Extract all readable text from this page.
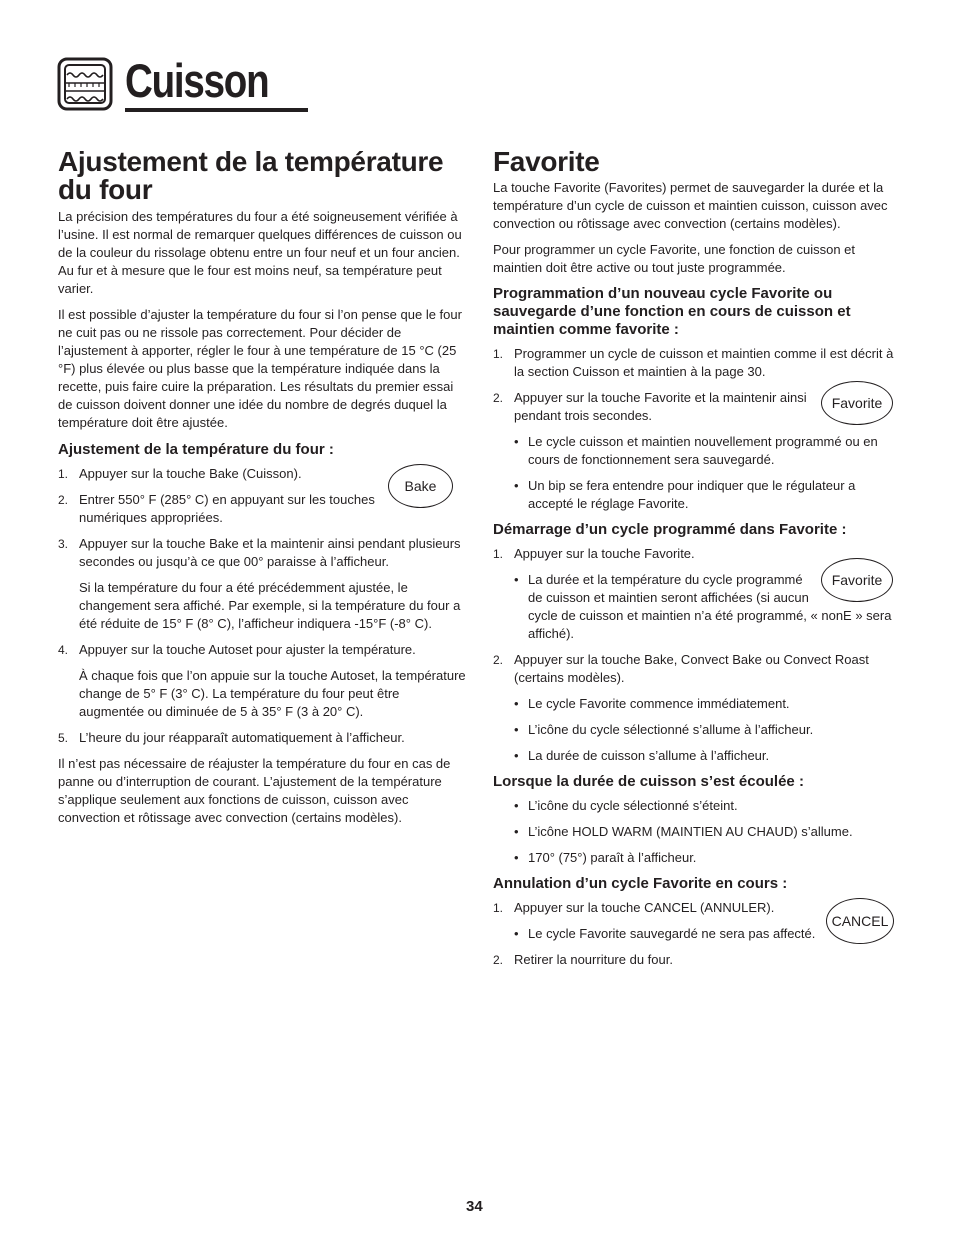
Cuisson
Ajustement de la température du four

La précision des températures du four a été soigneusement vérifiée à l’usine. Il est normal de remarquer quelques différences de cuisson ou de la couleur du rissolage obtenu entre un four neuf et un four ancien. Au fur et à mesure que le four est moins neuf, sa température peut varier.

Il est possible d’ajuster la température du four si l’on pense que le four ne cuit pas ou ne rissole pas correctement. Pour décider de l’ajustement à apporter, régler le four à une température de 15 °C (25 °F) plus élevée ou plus basse que la température indiquée dans la recette, puis faire cuire la préparation. Les résultats du premier essai de cuisson doivent donner une idée du nombre de degrés duquel la température doit être ajustée.

Ajustement de la température du four :
1. Appuyer sur la touche Bake (Cuisson).
2. Entrer 550° F (285° C) en appuyant sur les touches numériques appropriées.
3. Appuyer sur la touche Bake et la maintenir ainsi pendant plusieurs secondes ou jusqu’à ce que 00° paraisse à l’afficheur.
Si la température du four a été précédemment ajustée, le changement sera affiché. Par exemple, si la température du four a été réduite de 15° F (8° C), l’afficheur indiquera -15°F (-8° C).
4. Appuyer sur la touche Autoset pour ajuster la température.
À chaque fois que l’on appuie sur la touche Autoset, la température change de 5° F (3° C). La température du four peut être augmentée ou diminuée de 5 à 35° F (3 à 20° C).
5. L’heure du jour réapparaît automatiquement à l’afficheur.

Il n’est pas nécessaire de réajuster la température du four en cas de panne ou d’interruption de courant. L’ajustement de la température s’applique seulement aux fonctions de cuisson, cuisson avec convection et rôtissage avec convection (certains modèles).

Bake
Favorite

La touche Favorite (Favorites) permet de sauvegarder la durée et la température d’un cycle de cuisson et maintien cuisson, cuisson avec convection ou rôtissage avec convection (certains modèles).

Pour programmer un cycle Favorite, une fonction de cuisson et maintien doit être active ou tout juste programmée.

Programmation d’un nouveau cycle Favorite ou sauvegarde d’une fonction en cours de cuisson et maintien comme favorite :
1. Programmer un cycle de cuisson et maintien comme il est décrit à la section Cuisson et maintien à la page 30.
2. Appuyer sur la touche Favorite et la maintenir ainsi pendant trois secondes.
• Le cycle cuisson et maintien nouvellement programmé ou en cours de fonctionnement sera sauvegardé.
• Un bip se fera entendre pour indiquer que le régulateur a accepté le réglage Favorite.
Démarrage d’un cycle programmé dans Favorite :
1. Appuyer sur la touche Favorite.
• La durée et la température du cycle programmé de cuisson et maintien seront affichées (si aucun
cycle de cuisson et maintien n’a été programmé, « nonE » sera affiché).
2. Appuyer sur la touche Bake, Convect Bake ou Convect Roast (certains modèles).
• Le cycle Favorite commence immédiatement.
• L’icône du cycle sélectionné s’allume à l’afficheur.
• La durée de cuisson s’allume à l’afficheur.
Lorsque la durée de cuisson s’est écoulée :
• L’icône du cycle sélectionné s’éteint.
• L’icône HOLD WARM (MAINTIEN AU CHAUD) s’allume.
• 170° (75°) paraît à l’afficheur.
Annulation d’un cycle Favorite en cours :
1. Appuyer sur la touche CANCEL (ANNULER).
• Le cycle Favorite sauvegardé ne sera pas affecté.
2. Retirer la nourriture du four.
Favorite
Favorite
CANCEL
34
